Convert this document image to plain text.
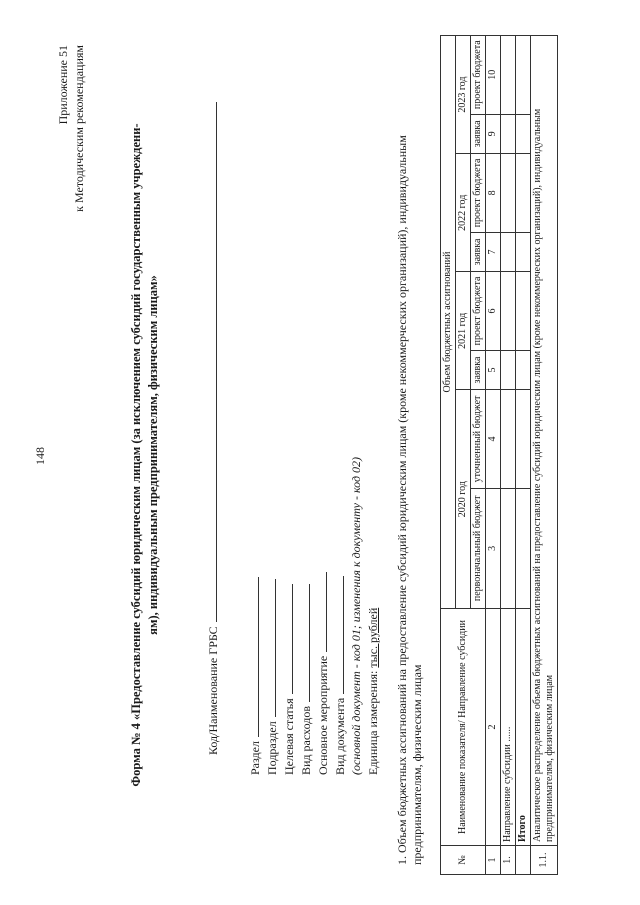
148
Приложение 51 к Методическим рекомендациям	Форма № 4 «Предоставление субсидий юридическим лицам (за исключением субсидий государственным учреждени- ям), индивидуальным предпринимателям, физическим лицам»
Код/Наименование ГРБС
Раздел Подраздел Целевая статья Вид расходов Основное мероприятие Вид документа (основной документ - код 01; изменения к документу - код 02) Единица измерения: тыс. рублей 1. Объем бюджетных ассигнований на предоставление субсидий юридическим лицам (кроме некоммерческих организаций), индивидуальным предпринимателям, физическим лицам	№	Наименование показателя/ Направление субсидии	Объем бюджетных ассигнований							
		2020 год		2021 год		2022 год		2023 год	
		первоначальный бюджет	уточненный бюджет	заявка	проект бюджета	заявка	проект бюджета	заявка	проект бюджета

1	2	3	4	5	6	7	8	9	10
1.	Направление субсидии ......								
	Итого								
1.1.	Аналитическое распределение объема бюджетных ассигнований на предоставление субсидий юридическим лицам (кроме некоммерческих организаций), индивидуальным предпринимателям, физическим лицам								
